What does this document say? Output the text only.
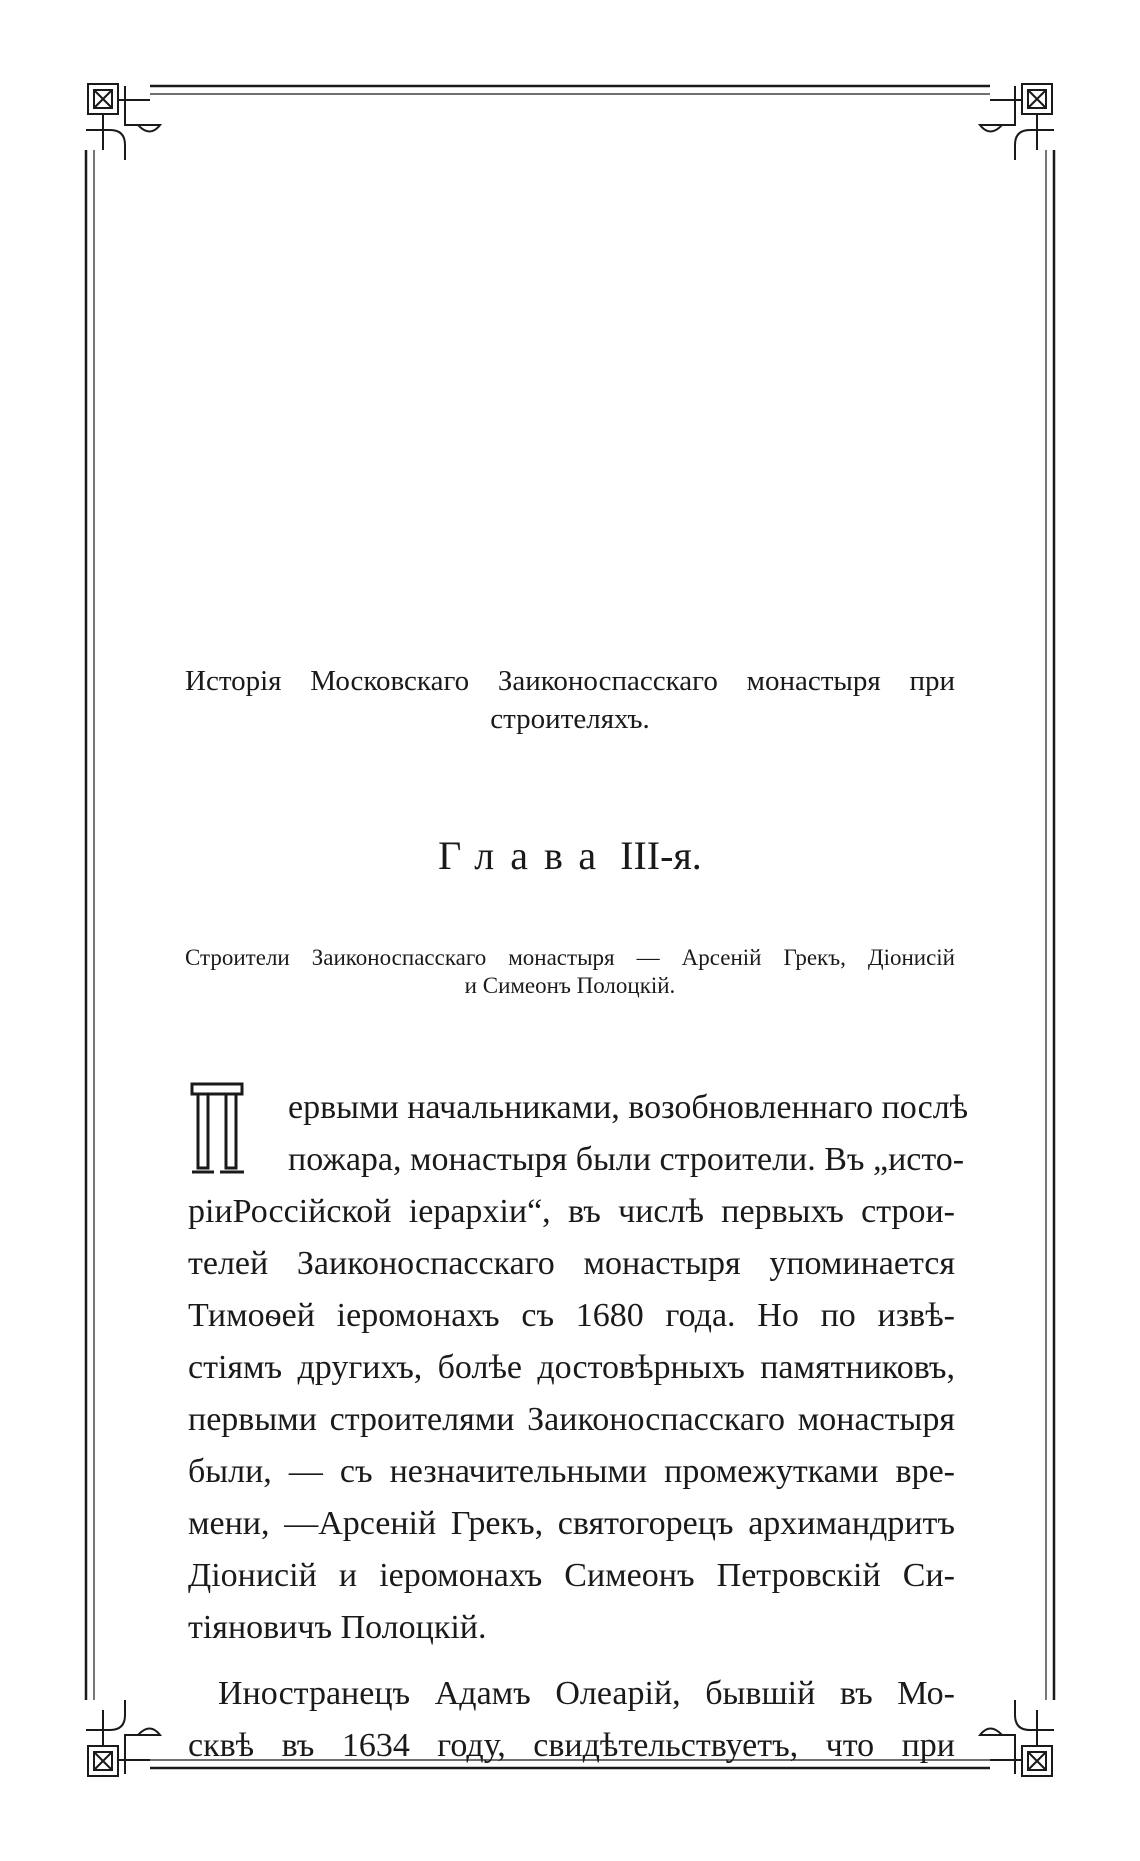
Исторія Московскаго Заиконоспасскаго монастыря при
строителяхъ.
Глава III-я.
Строители Заиконоспасскаго монастыря — Арсеній Грекъ, Діонисій
и Симеонъ Полоцкій.
П
ервыми начальниками, возобновленнаго послѣ
пожара, монастыря были строители. Въ „исто-
ріиРоссійской іерархіи“, въ числѣ первыхъ строи-
телей Заиконоспасскаго монастыря упоминается
Тимоѳей іеромонахъ съ 1680 года. Но по извѣ-
стіямъ другихъ, болѣе достовѣрныхъ памятниковъ,
первыми строителями Заиконоспасскаго монастыря
были, — съ незначительными промежутками вре-
мени, —Арсеній Грекъ, святогорецъ архимандритъ
Діонисій и іеромонахъ Симеонъ Петровскій Си-
тіяновичъ Полоцкій.
Иностранецъ Адамъ Олеарій, бывшій въ Мо-
сквѣ въ 1634 году, свидѣтельствуетъ, что при
